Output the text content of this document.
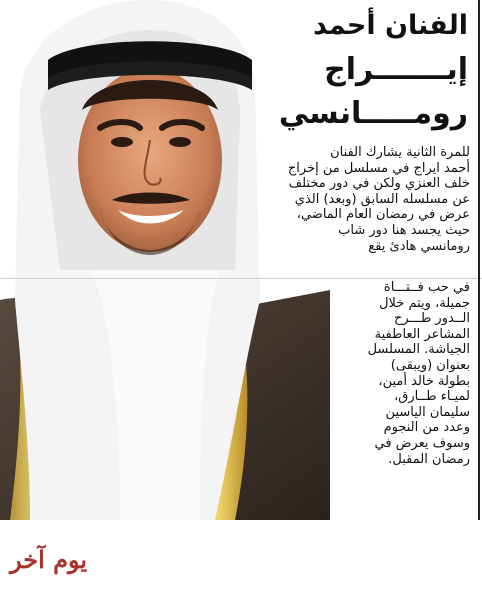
الفنان أحمد
إيـــــــراج
رومـــــانسي
للمرة الثانية يشارك الفنان
أحمد ايراج في مسلسل من إخراج
خلف العنزي ولكن في دور مختلف
عن مسلسله السابق (وبعد) الذي
عرض في رمضان العام الماضي،
حيث يجسد هنا دور شاب
رومانسي هادئ يقع
في حب فــتـــاة
جميلة، ويتم خلال
الــدور طـــرح
المشاعر العاطفية
الجياشة. المسلسل
بعنوان (ويبقى)
بطولة خالد أمين،
لميـاء طــارق،
سليمان الياسين
وعدد من النجوم
وسوف يعرض في
رمضان المقبل.
يوم آخر
